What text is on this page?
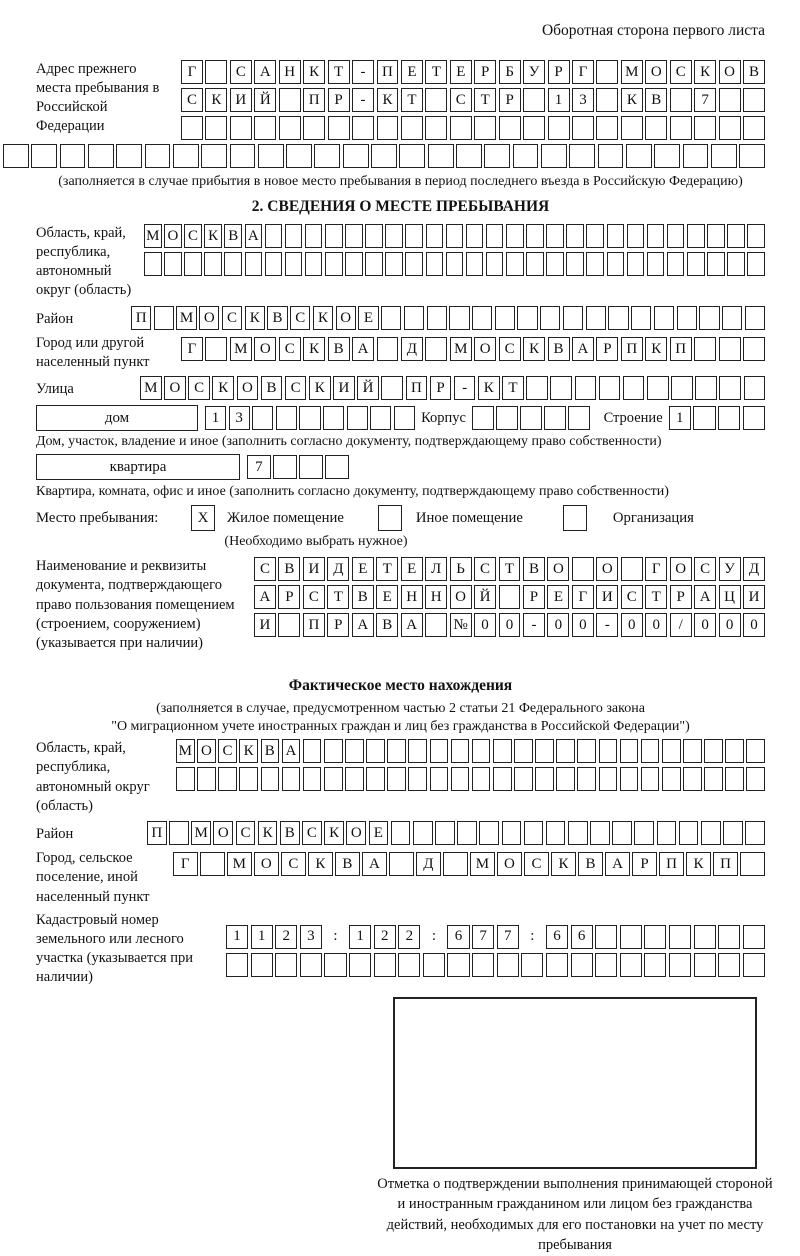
Оборотная сторона первого листа
Адрес прежнего места пребывания в Российской Федерации
Г	С А Н К Т	-	П Е	Т	Е	Р	Б У Р	Г	М О С К О В
С К И Й	П Р	-	К Т	С Т	Р	1	3	К В	7
(заполняется в случае прибытия в новое место пребывания в период последнего въезда в Российскую Федерацию)
2. СВЕДЕНИЯ О МЕСТЕ ПРЕБЫВАНИЯ
Область, край, республика, автономный округ (область)
М О С К В А
Район	П	М О С К В С К О Е
Город или другой населенный пункт
Г	М О С К В А	Д	М О С К В А Р П К П
Улица	М О С К О В С К И Й	П Р	-	К Т
дом	1	3	Корпус	Строение 1
Дом, участок, владение и иное (заполнить согласно документу, подтверждающему право собственности)
квартира	7
Квартира, комната, офис и иное (заполнить согласно документу, подтверждающему право собственности)
Место пребывания:	X	Жилое помещение	Иное помещение	Организация
(Необходимо выбрать нужное)
Наименование и реквизиты документа, подтверждающего право пользования помещением (строением, сооружением) (указывается при наличии)
С В И Д Е	Т	Е Л	Ь	С Т В О	О	Г О С У Д
А Р	С Т В Е Н Н О Й	Р	Е	Г И С Т	Р А Ц И
И	П Р А В А	№ 0	0	-	0	0	-	0	0	/	0	0	0
Фактическое место нахождения
(заполняется в случае, предусмотренном частью 2 статьи 21 Федерального закона
"О миграционном учете иностранных граждан и лиц без гражданства в Российской Федерации")
Область, край, республика, автономный округ (область)
М О С К В А
Район	П М О С К В С К О Е
Город, сельское поселение, иной населенный пункт
Г	М О	С	К	В	А	Д	М О	С	К	В	А	Р	П	К	П
Кадастровый номер земельного или лесного участка (указывается при наличии)
1	1	2	3	:	1	2	2	:	6	7	7	:	6	6
Отметка о подтверждении выполнения принимающей стороной и иностранным гражданином или лицом без гражданства действий, необходимых для его постановки на учет по месту пребывания
